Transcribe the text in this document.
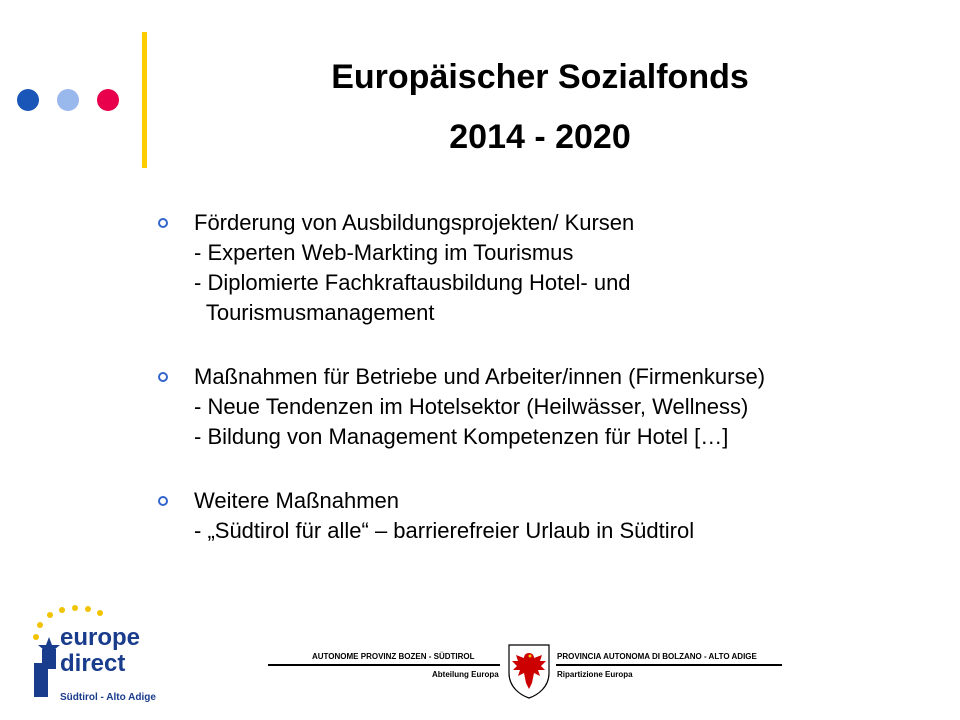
Europäischer Sozialfonds
2014 - 2020
Förderung von Ausbildungsprojekten/ Kursen
- Experten Web-Markting im Tourismus
- Diplomierte Fachkraftausbildung Hotel- und
Tourismusmanagement
Maßnahmen für Betriebe und Arbeiter/innen (Firmenkurse)
- Neue Tendenzen im Hotelsektor (Heilwässer, Wellness)
- Bildung von Management Kompetenzen für Hotel […]
Weitere Maßnahmen
- „Südtirol für alle“ – barrierefreier Urlaub in Südtirol
europe
direct
Südtirol - Alto Adige
AUTONOME PROVINZ BOZEN - SÜDTIROL
Abteilung Europa
PROVINCIA AUTONOMA DI BOLZANO - ALTO ADIGE
Ripartizione Europa
